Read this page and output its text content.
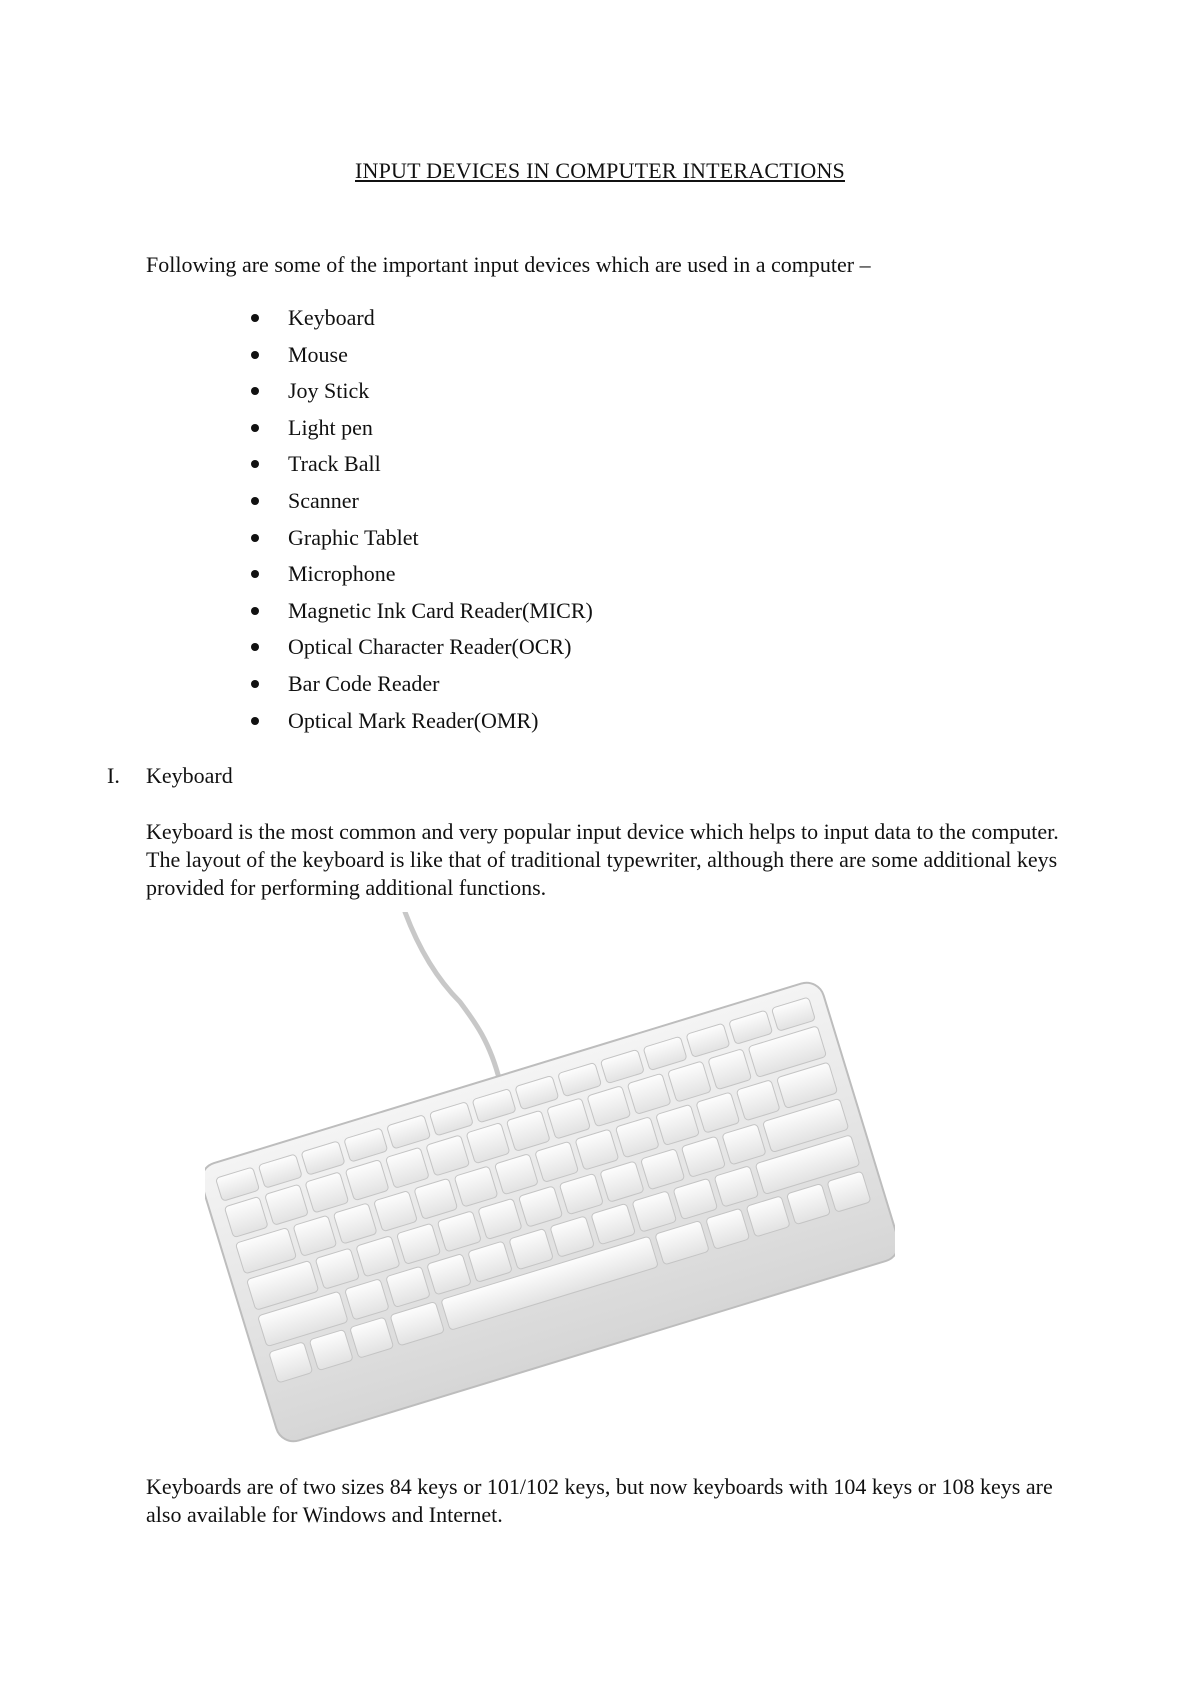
INPUT DEVICES IN COMPUTER INTERACTIONS
Following are some of the important input devices which are used in a computer –
Keyboard
Mouse
Joy Stick
Light pen
Track Ball
Scanner
Graphic Tablet
Microphone
Magnetic Ink Card Reader(MICR)
Optical Character Reader(OCR)
Bar Code Reader
Optical Mark Reader(OMR)
I. Keyboard
Keyboard is the most common and very popular input device which helps to input data to the computer. The layout of the keyboard is like that of traditional typewriter, although there are some additional keys provided for performing additional functions.
Keyboards are of two sizes 84 keys or 101/102 keys, but now keyboards with 104 keys or 108 keys are also available for Windows and Internet.
